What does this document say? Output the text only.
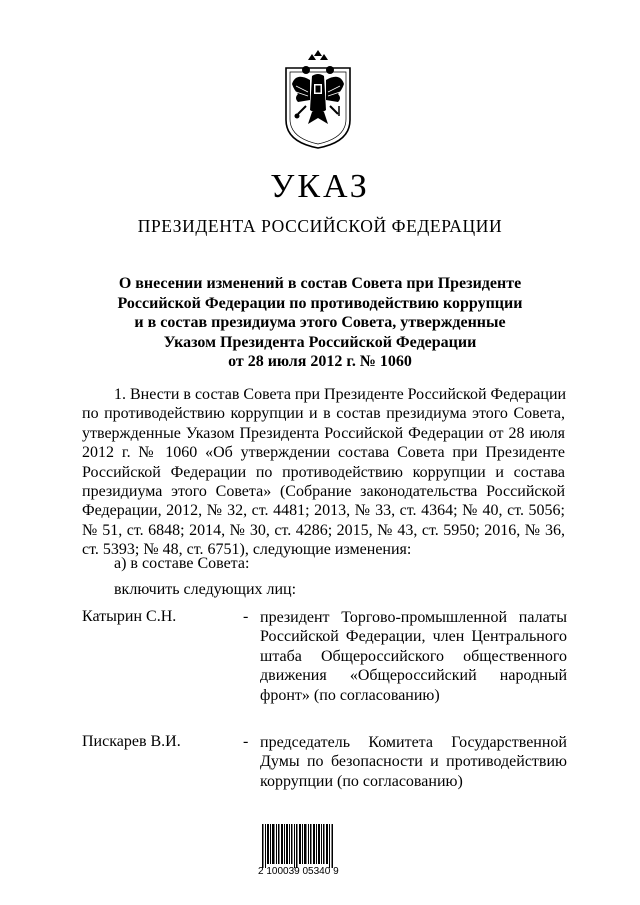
УКАЗ
ПРЕЗИДЕНТА РОССИЙСКОЙ ФЕДЕРАЦИИ
О внесении изменений в состав Совета при Президенте
Российской Федерации по противодействию коррупции
и в состав президиума этого Совета, утвержденные
Указом Президента Российской Федерации
от 28 июля 2012 г. № 1060
1. Внести в состав Совета при Президенте Российской Федерации
по противодействию коррупции и в состав президиума этого Совета,
утвержденные Указом Президента Российской Федерации от 28 июля
2012 г. № 1060 «Об утверждении состава Совета при Президенте
Российской Федерации по противодействию коррупции и состава
президиума этого Совета» (Собрание законодательства Российской
Федерации, 2012, № 32, ст. 4481; 2013, № 33, ст. 4364; № 40, ст. 5056;
№ 51, ст. 6848; 2014, № 30, ст. 4286; 2015, № 43, ст. 5950; 2016, № 36,
ст. 5393; № 48, ст. 6751), следующие изменения:
а) в составе Совета:
включить следующих лиц:
Катырин С.Н.	- президент Торгово-промышленной палаты
Российской Федерации, член Центрального
штаба Общероссийского общественного
движения «Общероссийский народный
фронт» (по согласованию)
Пискарев В.И.	- председатель Комитета Государственной
Думы по безопасности и противодействию
коррупции (по согласованию)
2 100039 05340 9
